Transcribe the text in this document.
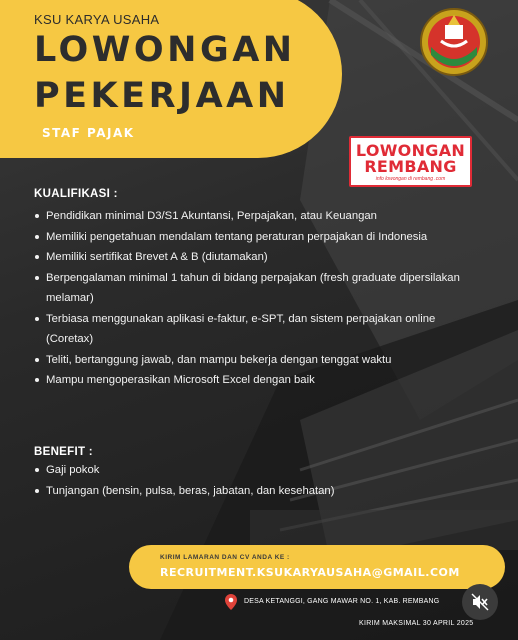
KSU KARYA USAHA
LOWONGAN
PEKERJAAN
STAF PAJAK
LOWONGAN
REMBANG
info lowongan di rembang .com
KUALIFIKASI :
Pendidikan minimal D3/S1 Akuntansi, Perpajakan, atau Keuangan
Memiliki pengetahuan mendalam tentang peraturan perpajakan di Indonesia
Memiliki sertifikat Brevet A & B (diutamakan)
Berpengalaman minimal 1 tahun di bidang perpajakan (fresh graduate dipersilakan melamar)
Terbiasa menggunakan aplikasi e-faktur, e-SPT, dan sistem perpajakan online (Coretax)
Teliti, bertanggung jawab, dan mampu bekerja dengan tenggat waktu
Mampu mengoperasikan Microsoft Excel dengan baik
BENEFIT :
Gaji pokok
Tunjangan (bensin, pulsa, beras, jabatan, dan kesehatan)
KIRIM LAMARAN DAN CV ANDA KE :
RECRUITMENT.KSUKARYAUSAHA@GMAIL.COM
DESA KETANGGI, GANG MAWAR NO. 1, KAB. REMBANG
KIRIM MAKSIMAL 30 APRIL 2025
